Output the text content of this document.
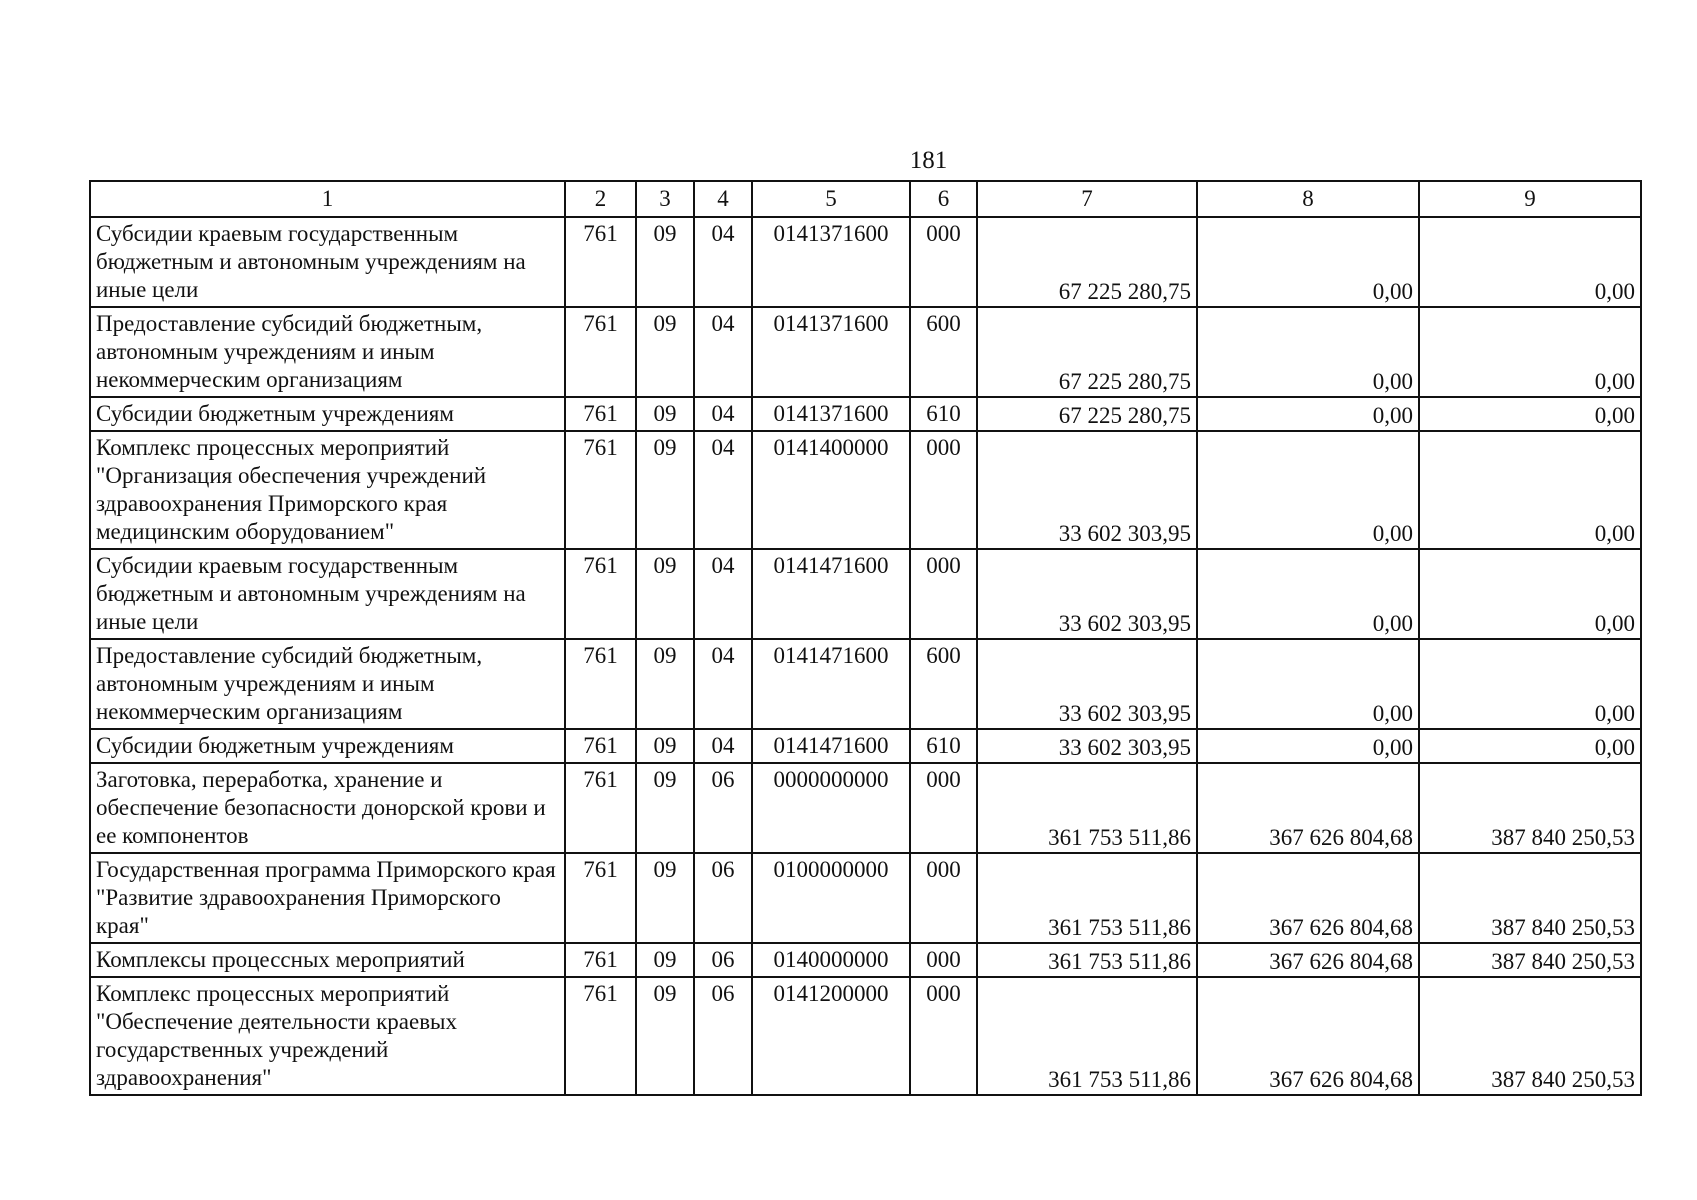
181
1	2	3	4	5	6	7	8	9
Субсидии краевым государственным бюджетным и автономным учреждениям на иные цели	761	09	04	0141371600	000	67 225 280,75	0,00	0,00
Предоставление субсидий бюджетным, автономным учреждениям и иным некоммерческим организациям	761	09	04	0141371600	600	67 225 280,75	0,00	0,00
Субсидии бюджетным учреждениям	761	09	04	0141371600	610	67 225 280,75	0,00	0,00
Комплекс процессных мероприятий "Организация обеспечения учреждений здравоохранения Приморского края медицинским оборудованием"	761	09	04	0141400000	000	33 602 303,95	0,00	0,00
Субсидии краевым государственным бюджетным и автономным учреждениям на иные цели	761	09	04	0141471600	000	33 602 303,95	0,00	0,00
Предоставление субсидий бюджетным, автономным учреждениям и иным некоммерческим организациям	761	09	04	0141471600	600	33 602 303,95	0,00	0,00
Субсидии бюджетным учреждениям	761	09	04	0141471600	610	33 602 303,95	0,00	0,00
Заготовка, переработка, хранение и обеспечение безопасности донорской крови и ее компонентов	761	09	06	0000000000	000	361 753 511,86	367 626 804,68	387 840 250,53
Государственная программа Приморского края "Развитие здравоохранения Приморского края"	761	09	06	0100000000	000	361 753 511,86	367 626 804,68	387 840 250,53
Комплексы процессных мероприятий	761	09	06	0140000000	000	361 753 511,86	367 626 804,68	387 840 250,53
Комплекс процессных мероприятий "Обеспечение деятельности краевых государственных учреждений здравоохранения"	761	09	06	0141200000	000	361 753 511,86	367 626 804,68	387 840 250,53
